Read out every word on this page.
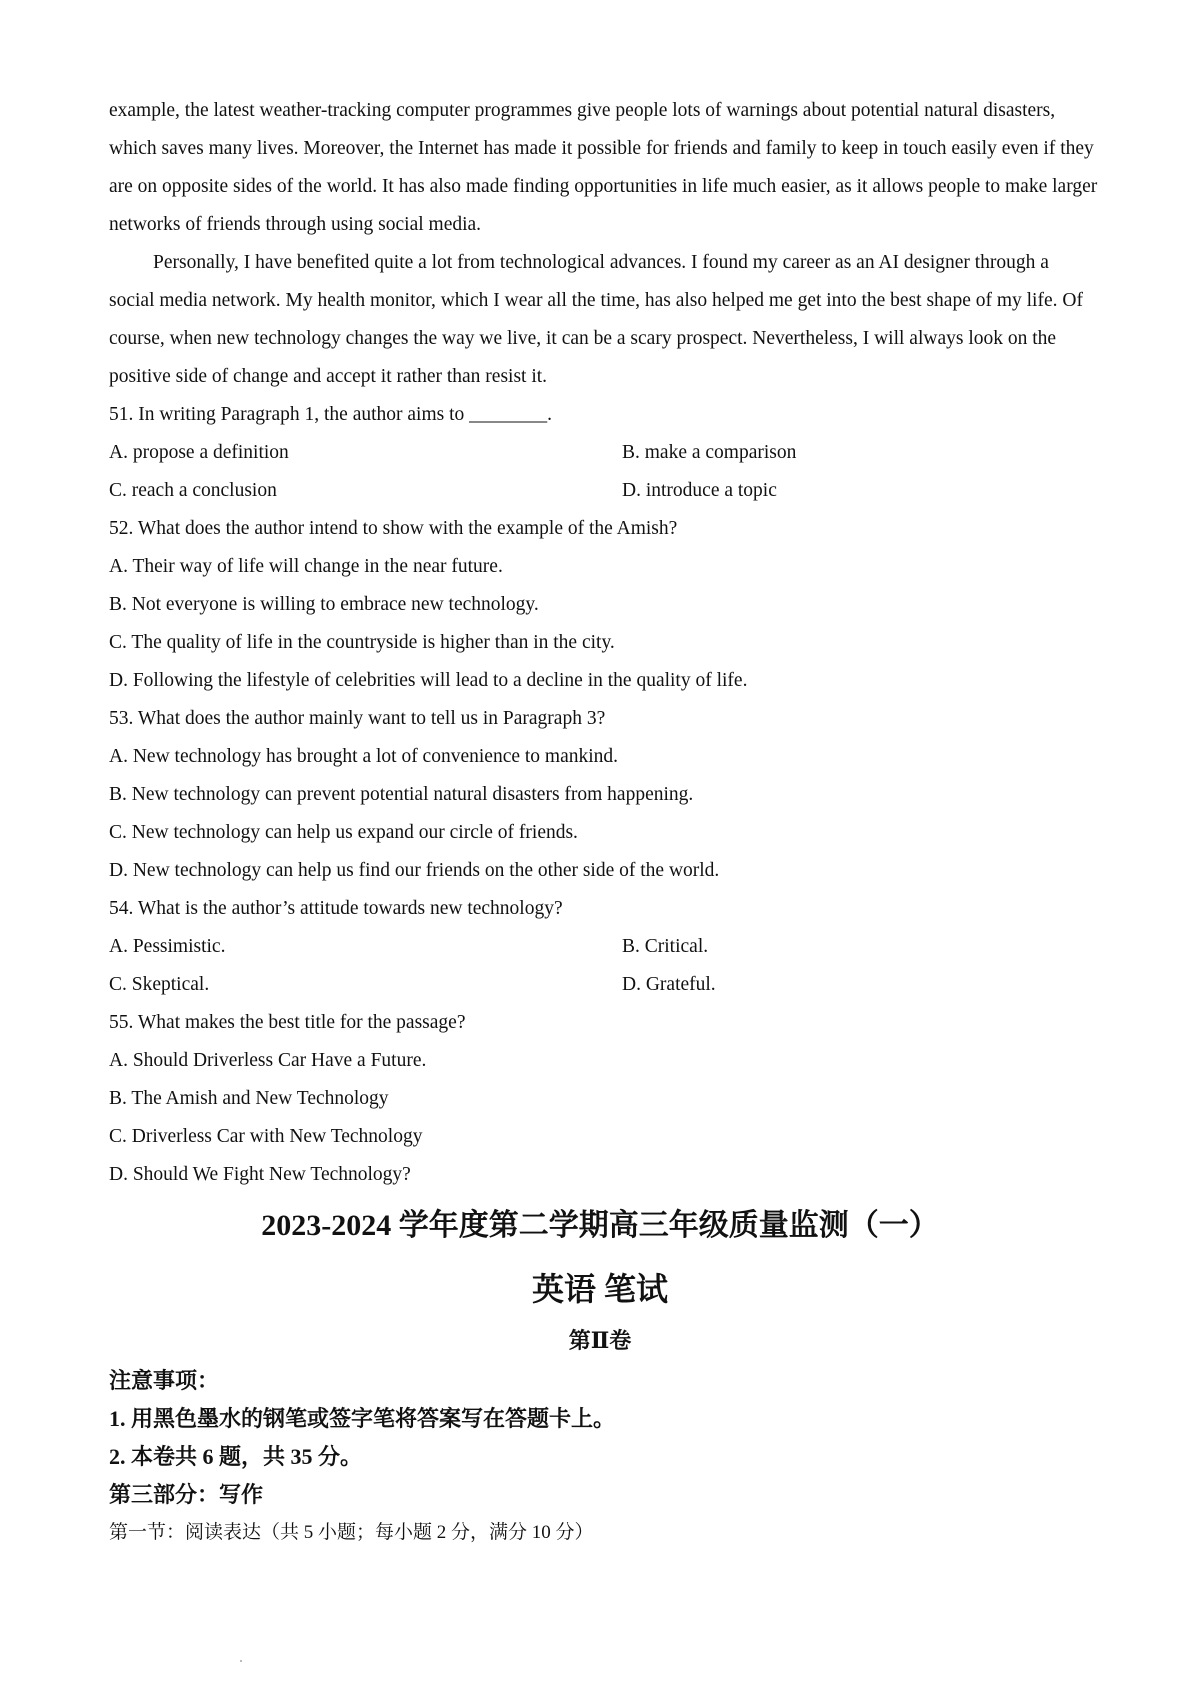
example, the latest weather-tracking computer programmes give people lots of warnings about potential natural disasters, which saves many lives. Moreover, the Internet has made it possible for friends and family to keep in touch easily even if they are on opposite sides of the world. It has also made finding opportunities in life much easier, as it allows people to make larger networks of friends through using social media.

Personally, I have benefited quite a lot from technological advances. I found my career as an AI designer through a social media network. My health monitor, which I wear all the time, has also helped me get into the best shape of my life. Of course, when new technology changes the way we live, it can be a scary prospect. Nevertheless, I will always look on the positive side of change and accept it rather than resist it.

51. In writing Paragraph 1, the author aims to ________.
A. propose a definition	B. make a comparison
C. reach a conclusion	D. introduce a topic
52. What does the author intend to show with the example of the Amish?
A. Their way of life will change in the near future.
B. Not everyone is willing to embrace new technology.
C. The quality of life in the countryside is higher than in the city.
D. Following the lifestyle of celebrities will lead to a decline in the quality of life.
53. What does the author mainly want to tell us in Paragraph 3?
A. New technology has brought a lot of convenience to mankind.
B. New technology can prevent potential natural disasters from happening.
C. New technology can help us expand our circle of friends.
D. New technology can help us find our friends on the other side of the world.
54. What is the author’s attitude towards new technology?
A. Pessimistic.	B. Critical.
C. Skeptical.	D. Grateful.
55. What makes the best title for the passage?
A. Should Driverless Car Have a Future.
B. The Amish and New Technology
C. Driverless Car with New Technology
D. Should We Fight New Technology?
2023-2024 学年度第二学期高三年级质量监测（一）
英语 笔试
第Ⅱ卷
注意事项：
1. 用黑色墨水的钢笔或签字笔将答案写在答题卡上。
2. 本卷共 6 题，共 35 分。
第三部分：写作
第一节：阅读表达（共 5 小题；每小题 2 分，满分 10 分）
